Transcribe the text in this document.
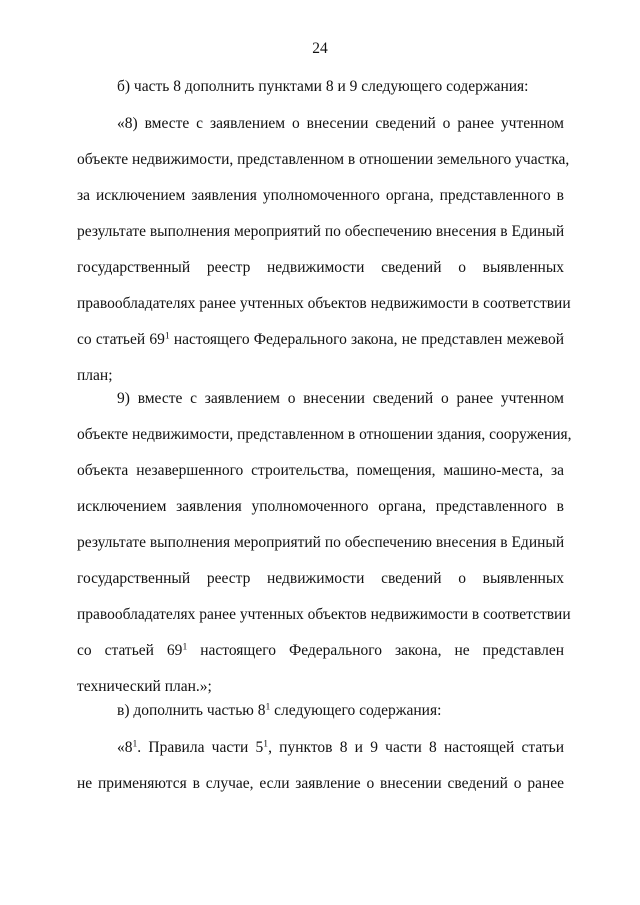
24
б) часть 8 дополнить пунктами 8 и 9 следующего содержания:
«8) вместе с заявлением о внесении сведений о ранее учтенном
объекте недвижимости, представленном в отношении земельного участка,
за исключением заявления уполномоченного органа, представленного в
результате выполнения мероприятий по обеспечению внесения в Единый
государственный реестр недвижимости сведений о выявленных
правообладателях ранее учтенных объектов недвижимости в соответствии
со статьей $69^1$ настоящего Федерального закона, не представлен межевой
план;
9) вместе с заявлением о внесении сведений о ранее учтенном
объекте недвижимости, представленном в отношении здания, сооружения,
объекта незавершенного строительства, помещения, машино-места, за
исключением заявления уполномоченного органа, представленного в
результате выполнения мероприятий по обеспечению внесения в Единый
государственный реестр недвижимости сведений о выявленных
правообладателях ранее учтенных объектов недвижимости в соответствии
со статьей $69^1$ настоящего Федерального закона, не представлен
технический план.»;
в) дополнить частью $8^1$ следующего содержания:
«$8^1$. Правила части $5^1$, пунктов 8 и 9 части 8 настоящей статьи
не применяются в случае, если заявление о внесении сведений о ранее
